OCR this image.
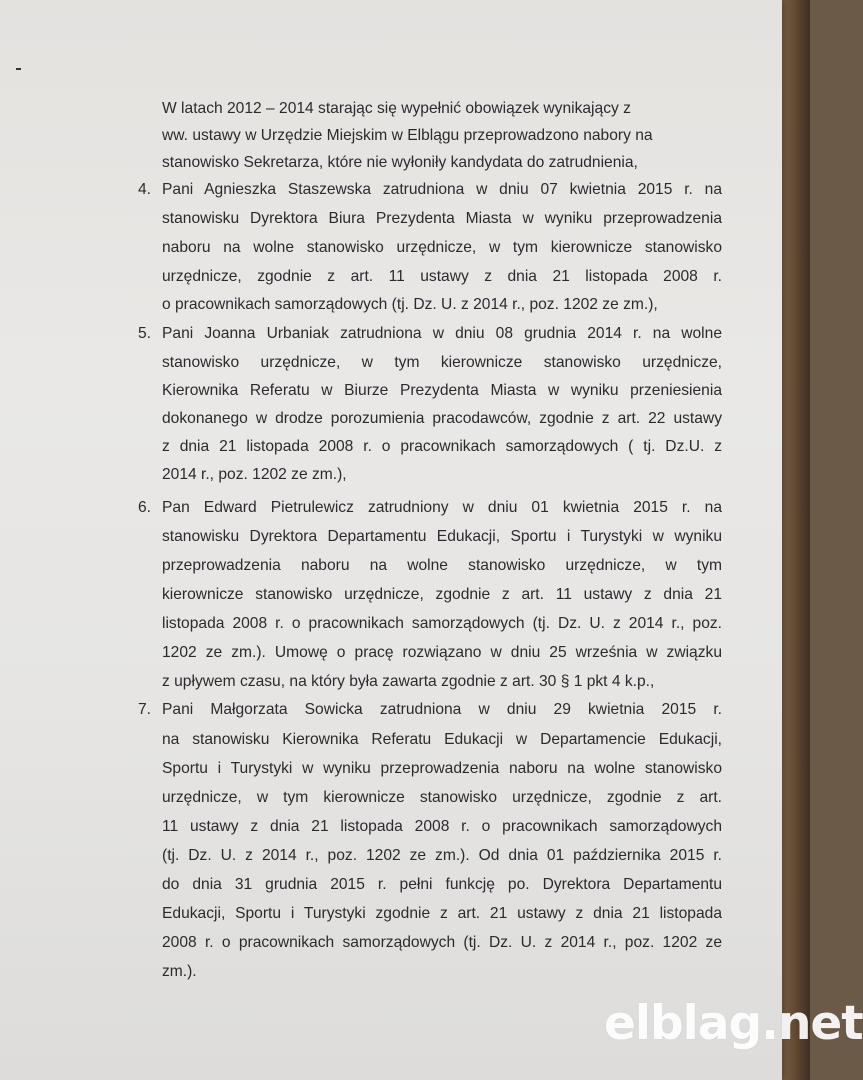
W latach 2012 – 2014 starając się wypełnić obowiązek wynikający z
ww. ustawy w Urzędzie Miejskim w Elblągu przeprowadzono nabory na
stanowisko Sekretarza, które nie wyłoniły kandydata do zatrudnienia,
4. Pani Agnieszka Staszewska zatrudniona w dniu 07 kwietnia 2015 r. na
stanowisku Dyrektora Biura Prezydenta Miasta w wyniku przeprowadzenia
naboru na wolne stanowisko urzędnicze, w tym kierownicze stanowisko
urzędnicze, zgodnie z art. 11 ustawy z dnia 21 listopada 2008 r.
o pracownikach samorządowych (tj. Dz. U. z 2014 r., poz. 1202 ze zm.),
5. Pani Joanna Urbaniak zatrudniona w dniu 08 grudnia 2014 r. na wolne
stanowisko urzędnicze, w tym kierownicze stanowisko urzędnicze,
Kierownika Referatu w Biurze Prezydenta Miasta w wyniku przeniesienia
dokonanego w drodze porozumienia pracodawców, zgodnie z art. 22 ustawy
z dnia 21 listopada 2008 r. o pracownikach samorządowych ( tj. Dz.U. z
2014 r., poz. 1202 ze zm.),
6. Pan Edward Pietrulewicz zatrudniony w dniu 01 kwietnia 2015 r. na
stanowisku Dyrektora Departamentu Edukacji, Sportu i Turystyki w wyniku
przeprowadzenia naboru na wolne stanowisko urzędnicze, w tym
kierownicze stanowisko urzędnicze, zgodnie z art. 11 ustawy z dnia 21
listopada 2008 r. o pracownikach samorządowych (tj. Dz. U. z 2014 r., poz.
1202 ze zm.). Umowę o pracę rozwiązano w dniu 25 września w związku
z upływem czasu, na który była zawarta zgodnie z art. 30 § 1 pkt 4 k.p.,
7. Pani Małgorzata Sowicka zatrudniona w dniu 29 kwietnia 2015 r.
na stanowisku Kierownika Referatu Edukacji w Departamencie Edukacji,
Sportu i Turystyki w wyniku przeprowadzenia naboru na wolne stanowisko
urzędnicze, w tym kierownicze stanowisko urzędnicze, zgodnie z art.
11 ustawy z dnia 21 listopada 2008 r. o pracownikach samorządowych
(tj. Dz. U. z 2014 r., poz. 1202 ze zm.). Od dnia 01 października 2015 r.
do dnia 31 grudnia 2015 r. pełni funkcję po. Dyrektora Departamentu
Edukacji, Sportu i Turystyki zgodnie z art. 21 ustawy z dnia 21 listopada
2008 r. o pracownikach samorządowych (tj. Dz. U. z 2014 r., poz. 1202 ze
zm.).
elblag.net
